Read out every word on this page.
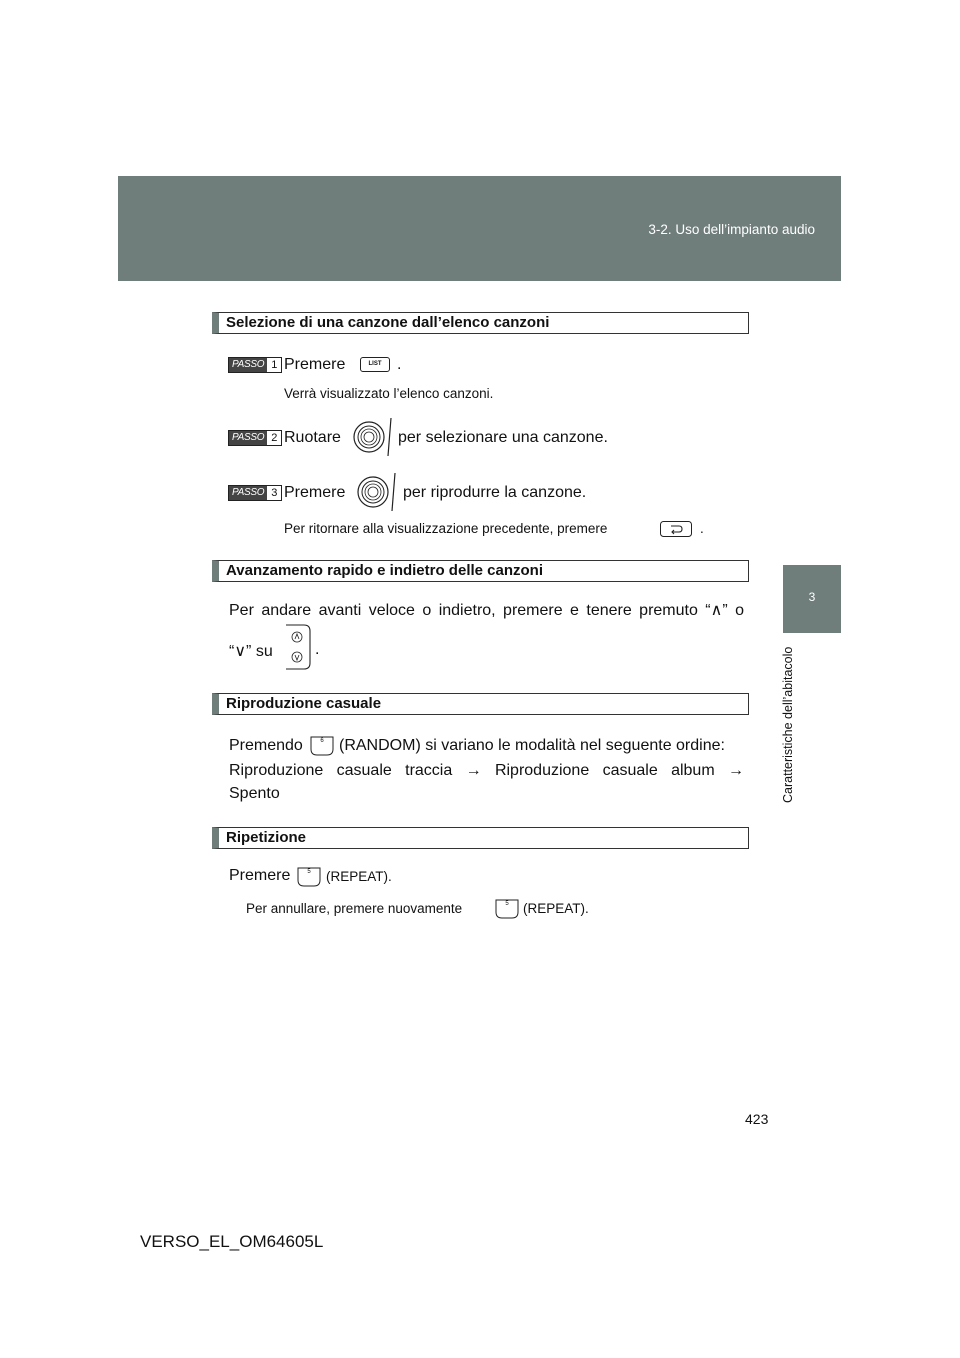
3-2. Uso dell’impianto audio
3
Caratteristiche dell’abitacolo
Selezione di una canzone dall’elenco canzoni
PASSO 1 Premere	LIST .
Verrà visualizzato l’elenco canzoni.
PASSO 2 Ruotare	per selezionare una canzone.
PASSO 3 Premere	per riprodurre la canzone.
Per ritornare alla visualizzazione precedente, premere	.
Avanzamento rapido e indietro delle canzoni
Per andare avanti veloce o indietro, premere e tenere premuto “∧” o
“∨” su	.
Riproduzione casuale
Premendo	6 (RANDOM) si variano le modalità nel seguente ordine:
Riproduzione casuale traccia → Riproduzione casuale album →
Spento
Ripetizione
Premere	5	(REPEAT).
Per annullare, premere nuovamente	5	(REPEAT).
423
VERSO_EL_OM64605L
